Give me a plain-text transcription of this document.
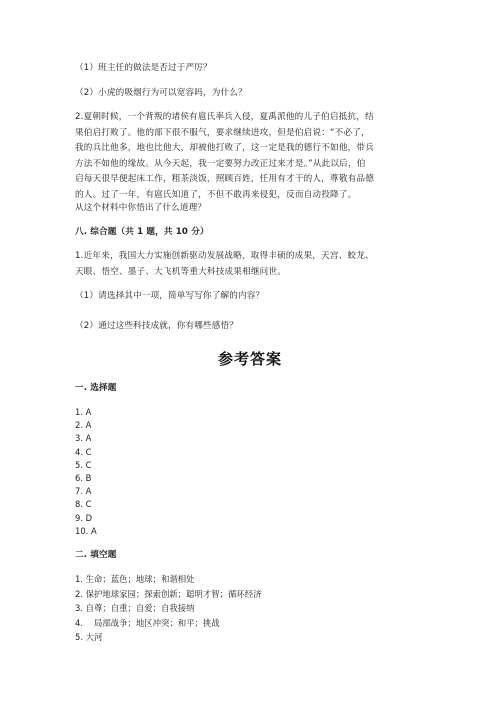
（1）班主任的做法是否过于严厉？
（2）小虎的吸烟行为可以宽容吗，为什么？
2.夏朝时候，一个背叛的诸侯有扈氏率兵入侵，夏禹派他的儿子伯启抵抗，结
果伯启打败了。他的部下很不服气，要求继续进攻，但是伯启说：“不必了，
我的兵比他多，地也比他大，却被他打败了，这一定是我的德行不如他，带兵
方法不如他的缘故。从今天起，我一定要努力改正过来才是。”从此以后，伯
启每天很早便起床工作，粗茶淡饭，照顾百姓，任用有才干的人，尊敬有品德
的人。过了一年，有扈氏知道了，不但不敢再来侵犯，反而自动投降了。
从这个材料中你悟出了什么道理？
八. 综合题（共 1 题，共 10 分）
1.近年来，我国大力实施创新驱动发展战略，取得丰硕的成果，天宫、蛟龙、
天眼、悟空、墨子、大飞机等重大科技成果相继问世。
（1）请选择其中一项，简单写写你了解的内容？
（2）通过这些科技成就，你有哪些感悟？
参考答案
一. 选择题
1. A
2. A
3. A
4. C
5. C
6. B
7. A
8. C
9. D
10. A
二. 填空题
1. 生命；蓝色；地球；和谐相处
2. 保护地球家园；探索创新；聪明才智；循环经济
3. 自尊；自重；自爱；自我接纳
4.　 局部战争；地区冲突；和平；挑战
5. 大河
